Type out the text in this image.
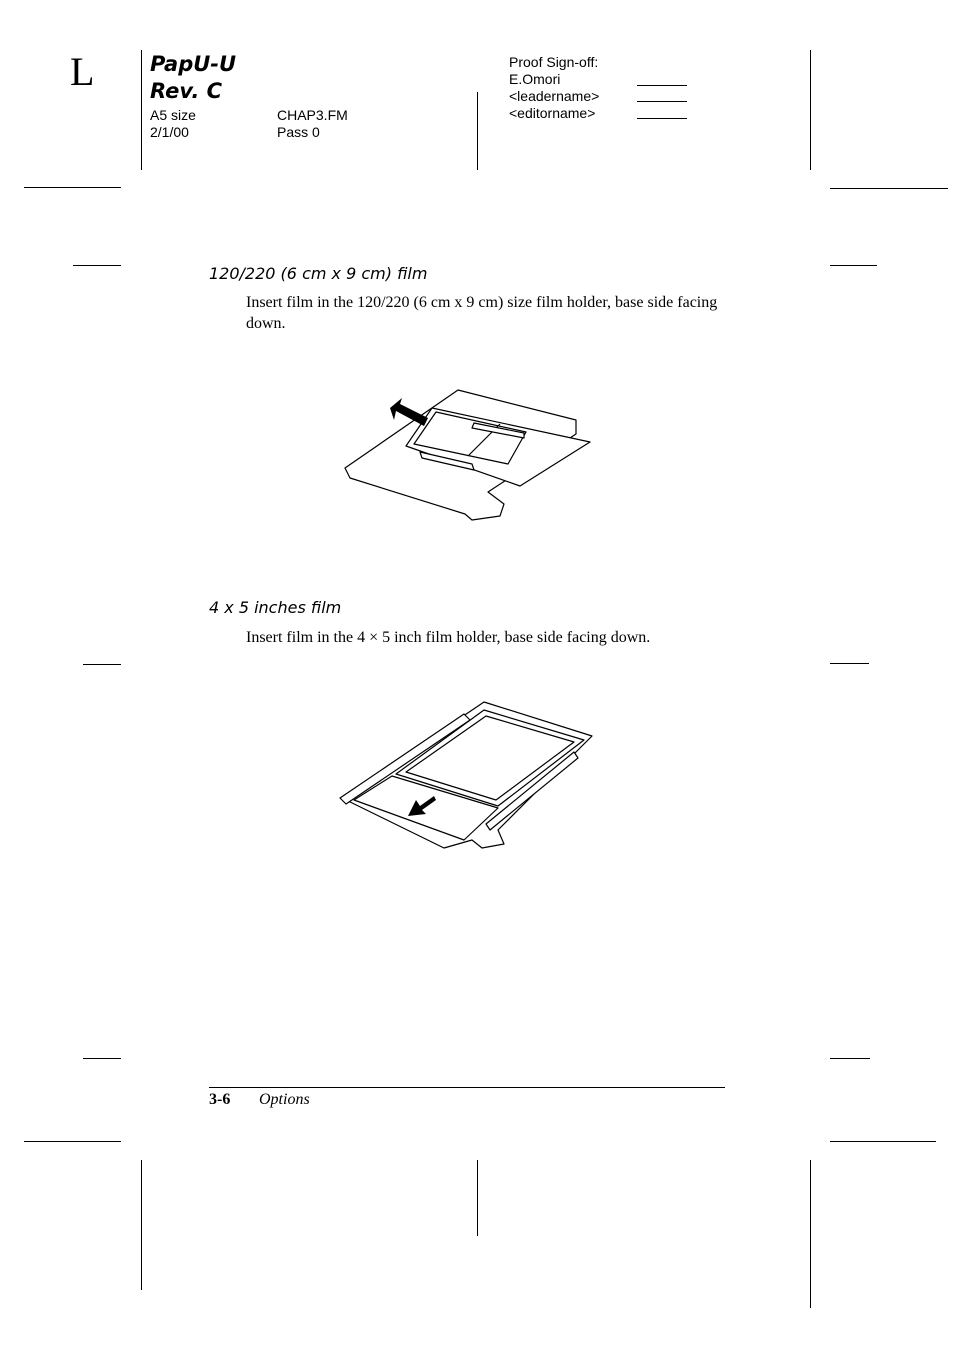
L	PapU-U
Rev. C
A5 size
2/1/00
CHAP3.FM
Pass 0
Proof Sign-off:
E.Omori
<leadername>
<editorname>
120/220 (6 cm x 9 cm) film
Insert film in the 120/220 (6 cm x 9 cm) size film holder, base side facing down.
4 x 5 inches film
Insert film in the 4 × 5 inch film holder, base side facing down.
3-6 Options
